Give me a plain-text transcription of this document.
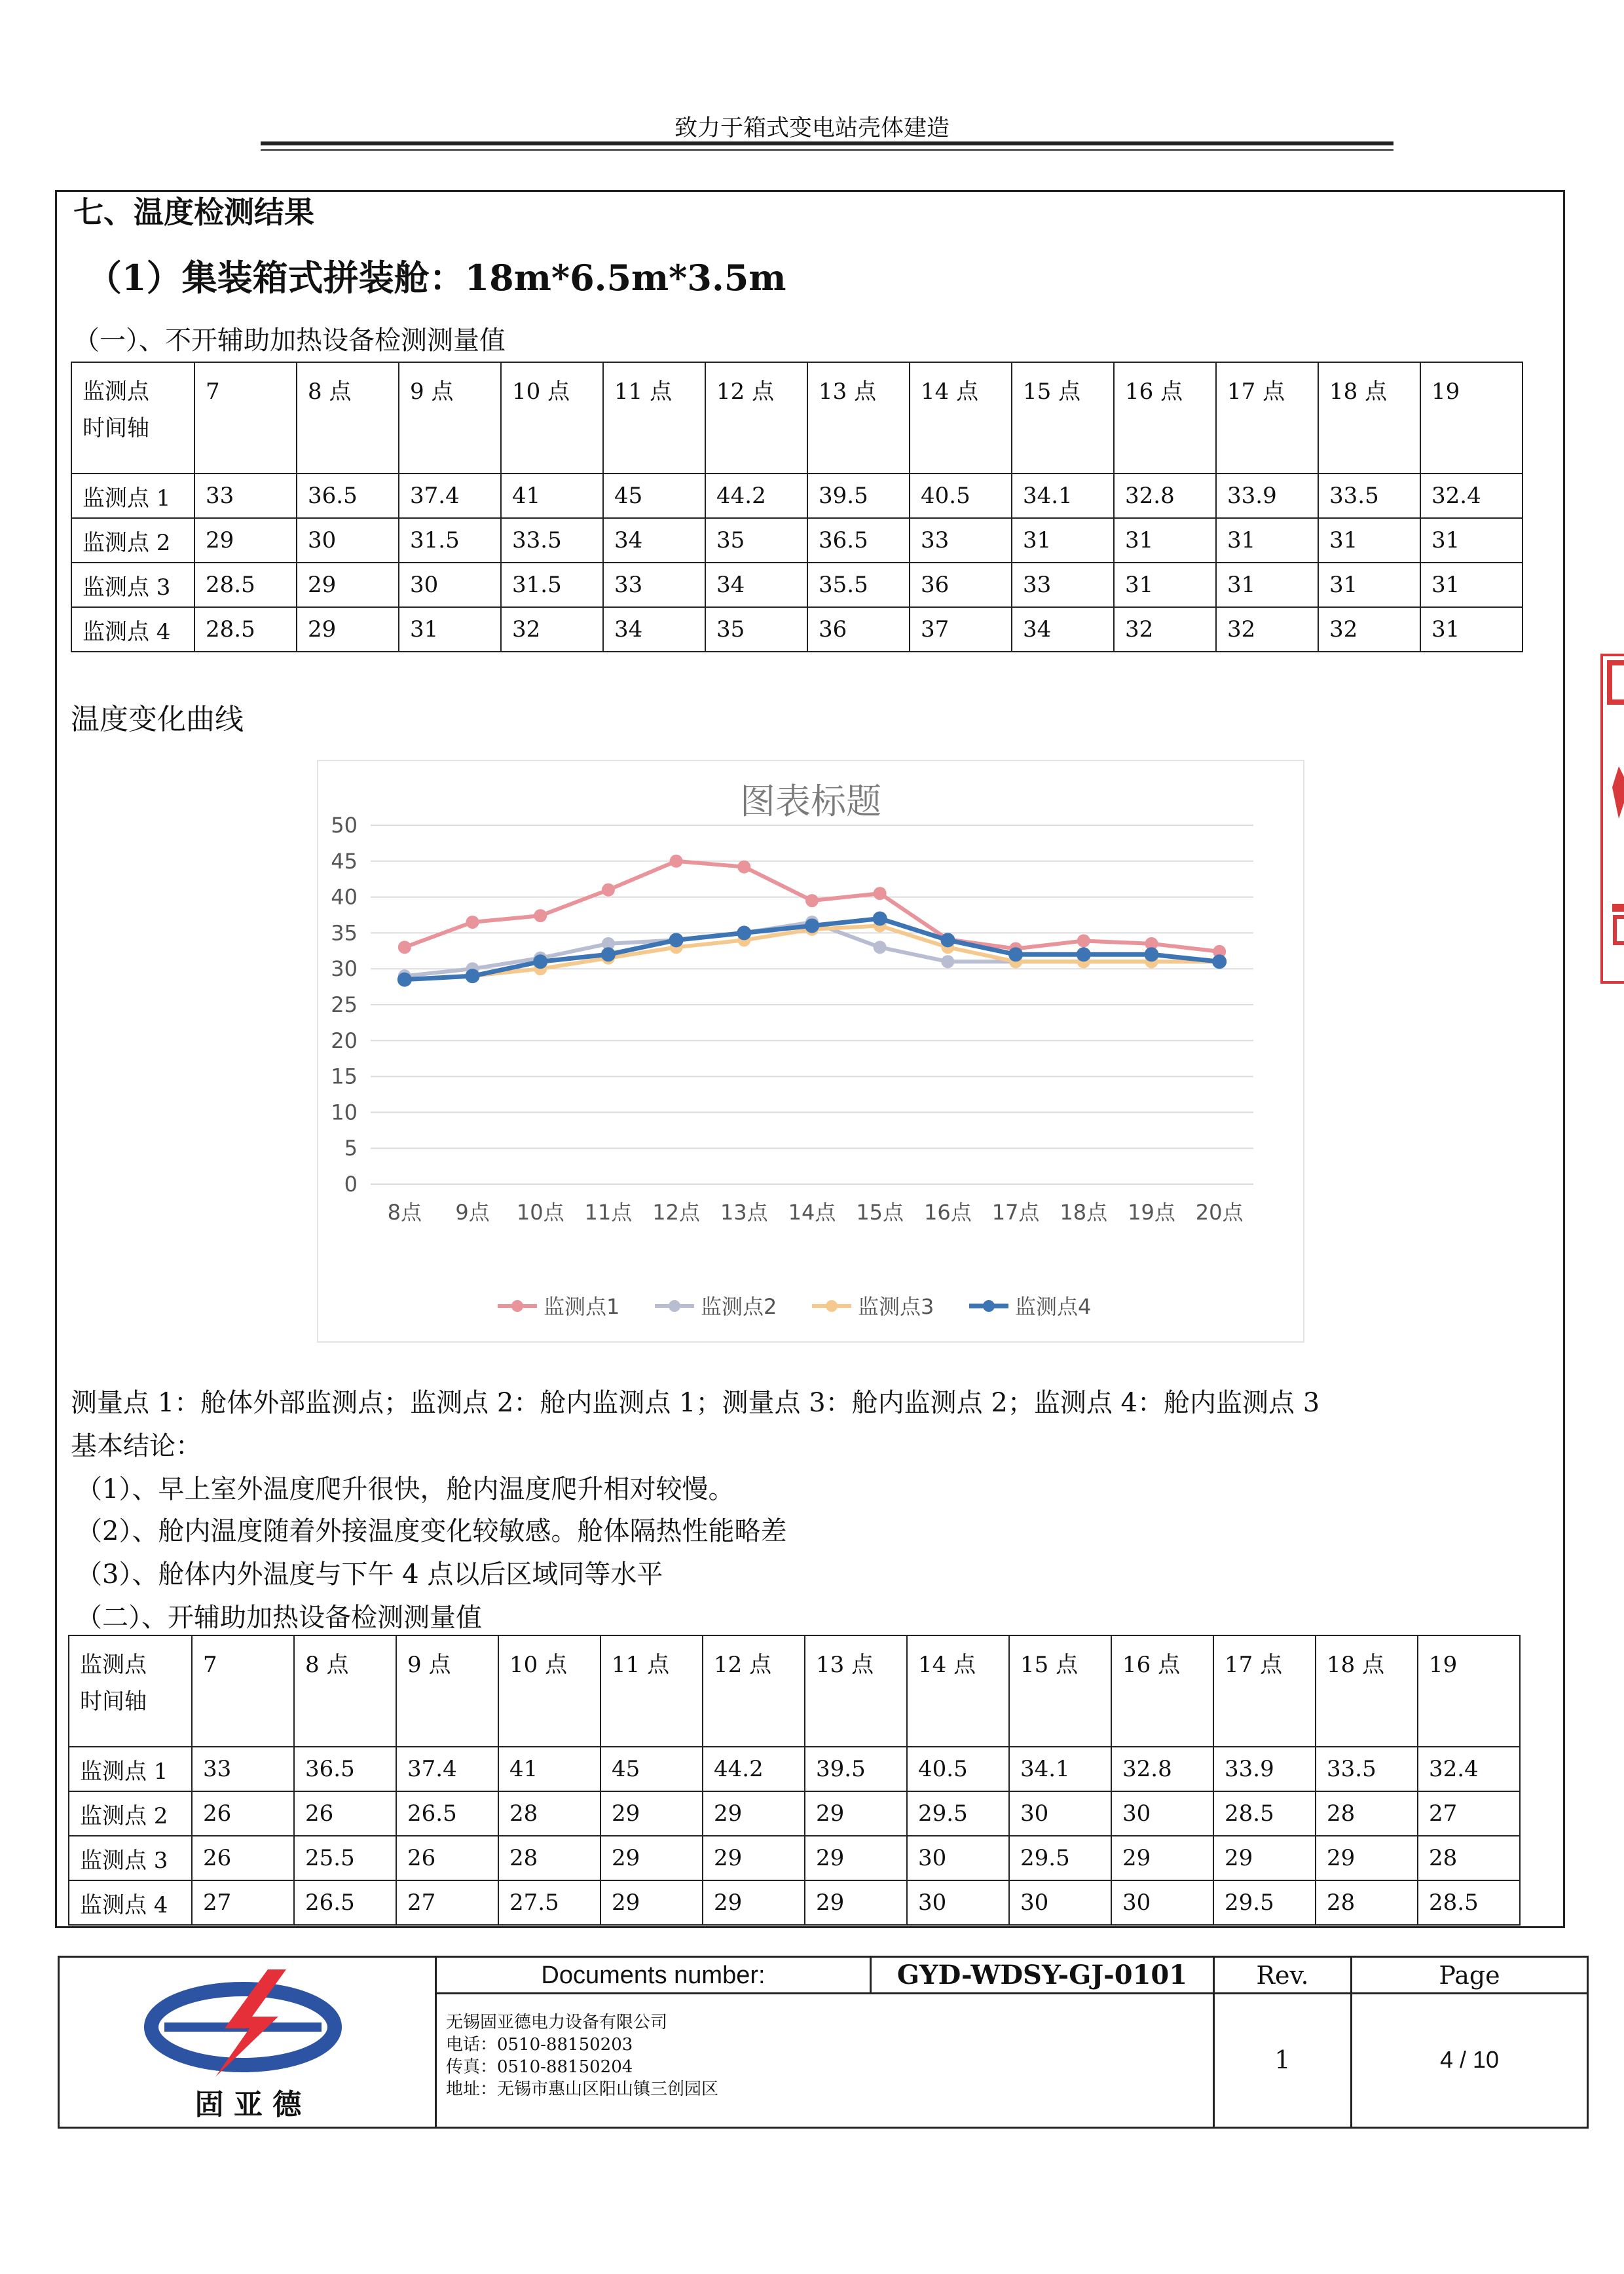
致力于箱式变电站壳体建造
七、温度检测结果
（1）集装箱式拼装舱：18m*6.5m*3.5m
（一）、不开辅助加热设备检测测量值
监测点
时间轴	7	8 点	9 点	10 点	11 点	12 点	13 点	14 点	15 点	16 点	17 点	18 点	19
监测点 1	33	36.5	37.4	41	45	44.2	39.5	40.5	34.1	32.8	33.9	33.5	32.4
监测点 2	29	30	31.5	33.5	34	35	36.5	33	31	31	31	31	31
监测点 3	28.5	29	30	31.5	33	34	35.5	36	33	31	31	31	31
监测点 4	28.5	29	31	32	34	35	36	37	34	32	32	32	31
温度变化曲线
图表标题
0
5
10
15
20
25
30
35
40
45
50
8点 9点 10点 11点 12点 13点 14点 15点 16点 17点 18点 19点 20点
监测点1	监测点2	监测点3	监测点4
测量点 1：舱体外部监测点；监测点 2：舱内监测点 1；测量点 3：舱内监测点 2；监测点 4：舱内监测点 3
基本结论：
（1）、早上室外温度爬升很快，舱内温度爬升相对较慢。
（2）、舱内温度随着外接温度变化较敏感。舱体隔热性能略差
（3）、舱体内外温度与下午 4 点以后区域同等水平
（二）、开辅助加热设备检测测量值
监测点
时间轴	7	8 点	9 点	10 点	11 点	12 点	13 点	14 点	15 点	16 点	17 点	18 点	19
监测点 1	33	36.5	37.4	41	45	44.2	39.5	40.5	34.1	32.8	33.9	33.5	32.4
监测点 2	26	26	26.5	28	29	29	29	29.5	30	30	28.5	28	27
监测点 3	26	25.5	26	28	29	29	29	30	29.5	29	29	29	28
监测点 4	27	26.5	27	27.5	29	29	29	30	30	30	29.5	28	28.5
固 亚 德
Documents number:	GYD-WDSY-GJ-0101	Rev.	Page
无锡固亚德电力设备有限公司
电话：0510-88150203
传真：0510-88150204
地址：无锡市惠山区阳山镇三创园区
1	4 / 10
